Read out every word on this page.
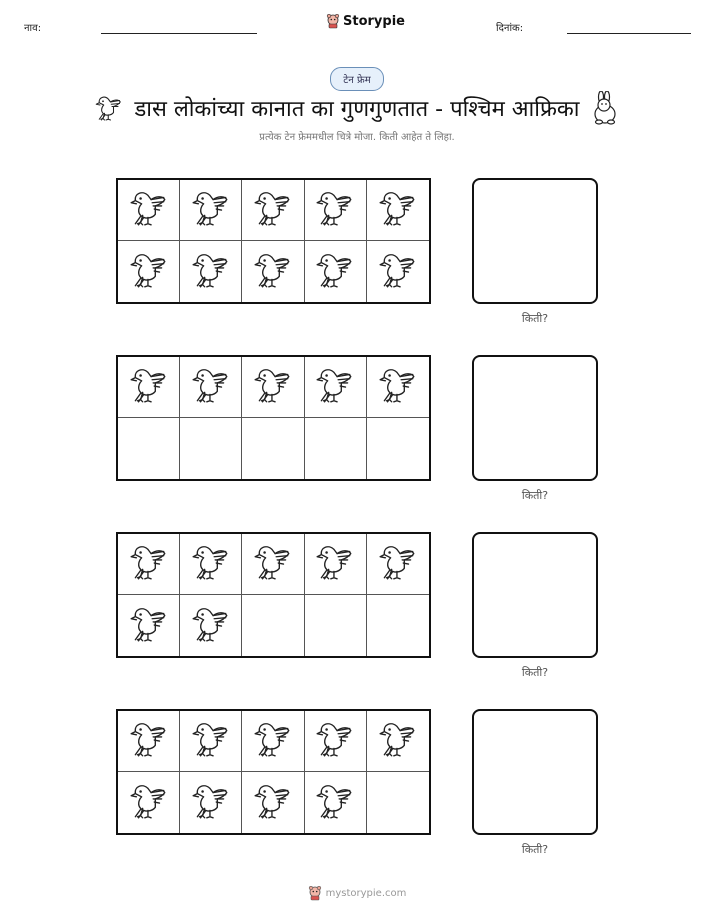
नाव:	Storypie	दिनांक:
टेन फ्रेम
डास लोकांच्या कानात का गुणगुणतात - पश्चिम आफ्रिका
प्रत्येक टेन फ्रेममधील चित्रे मोजा. किती आहेत ते लिहा.
किती?
किती?
किती?
किती?
mystorypie.com
